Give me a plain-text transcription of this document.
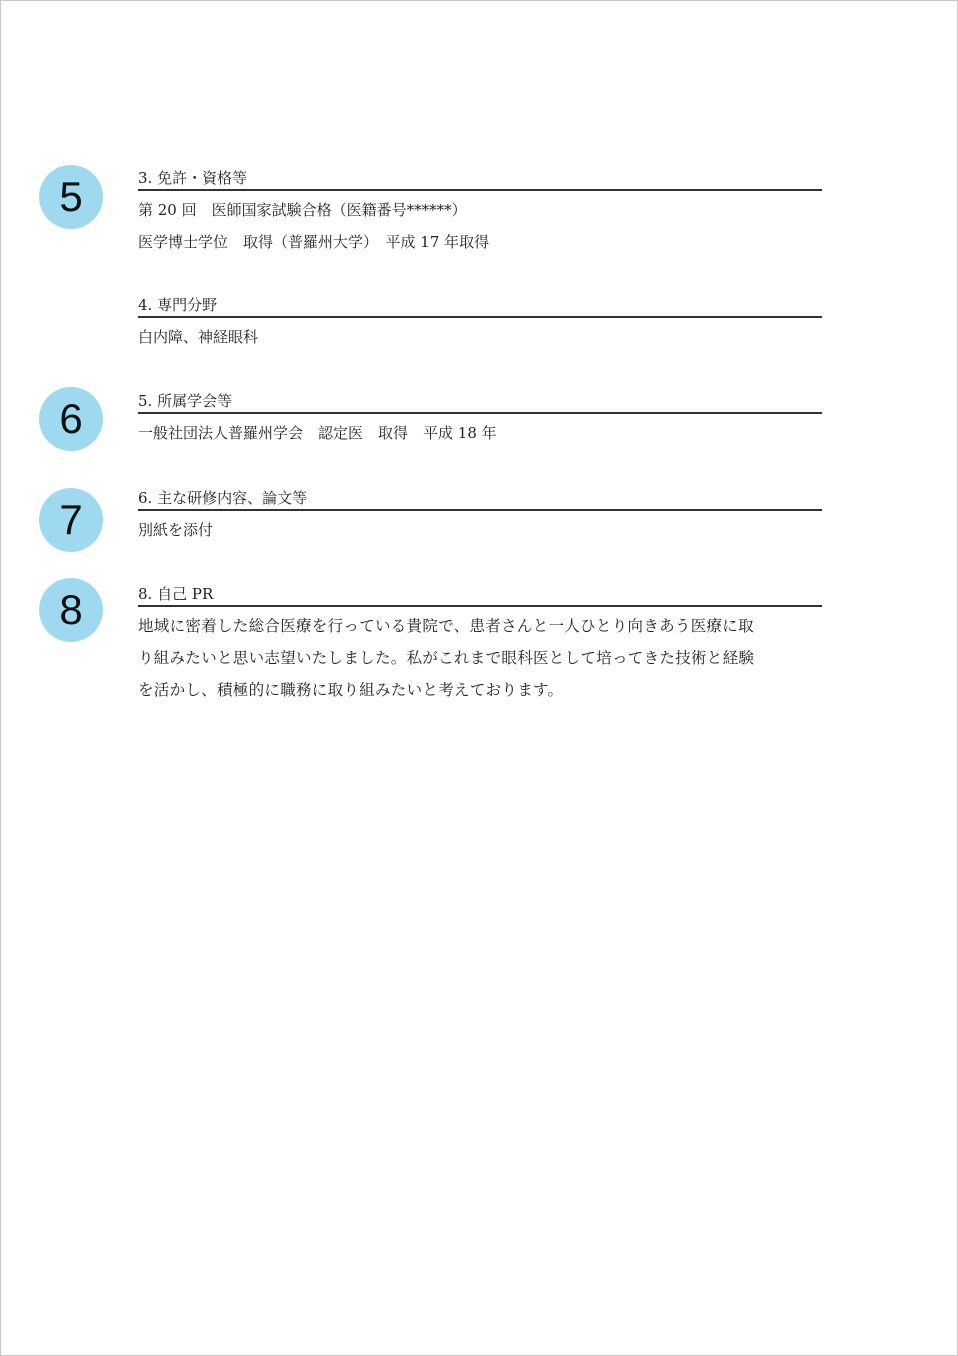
5
6
7
8
3. 免許・資格等
第 20 回　医師国家試験合格（医籍番号******）
医学博士学位　取得（普羅州大学）　平成 17 年取得
4. 専門分野
白内障、神経眼科
5. 所属学会等
一般社団法人普羅州学会　認定医　取得　平成 18 年
6. 主な研修内容、論文等
別紙を添付
8. 自己 PR
地域に密着した総合医療を行っている貴院で、患者さんと一人ひとり向きあう医療に取
り組みたいと思い志望いたしました。私がこれまで眼科医として培ってきた技術と経験
を活かし、積極的に職務に取り組みたいと考えております。
